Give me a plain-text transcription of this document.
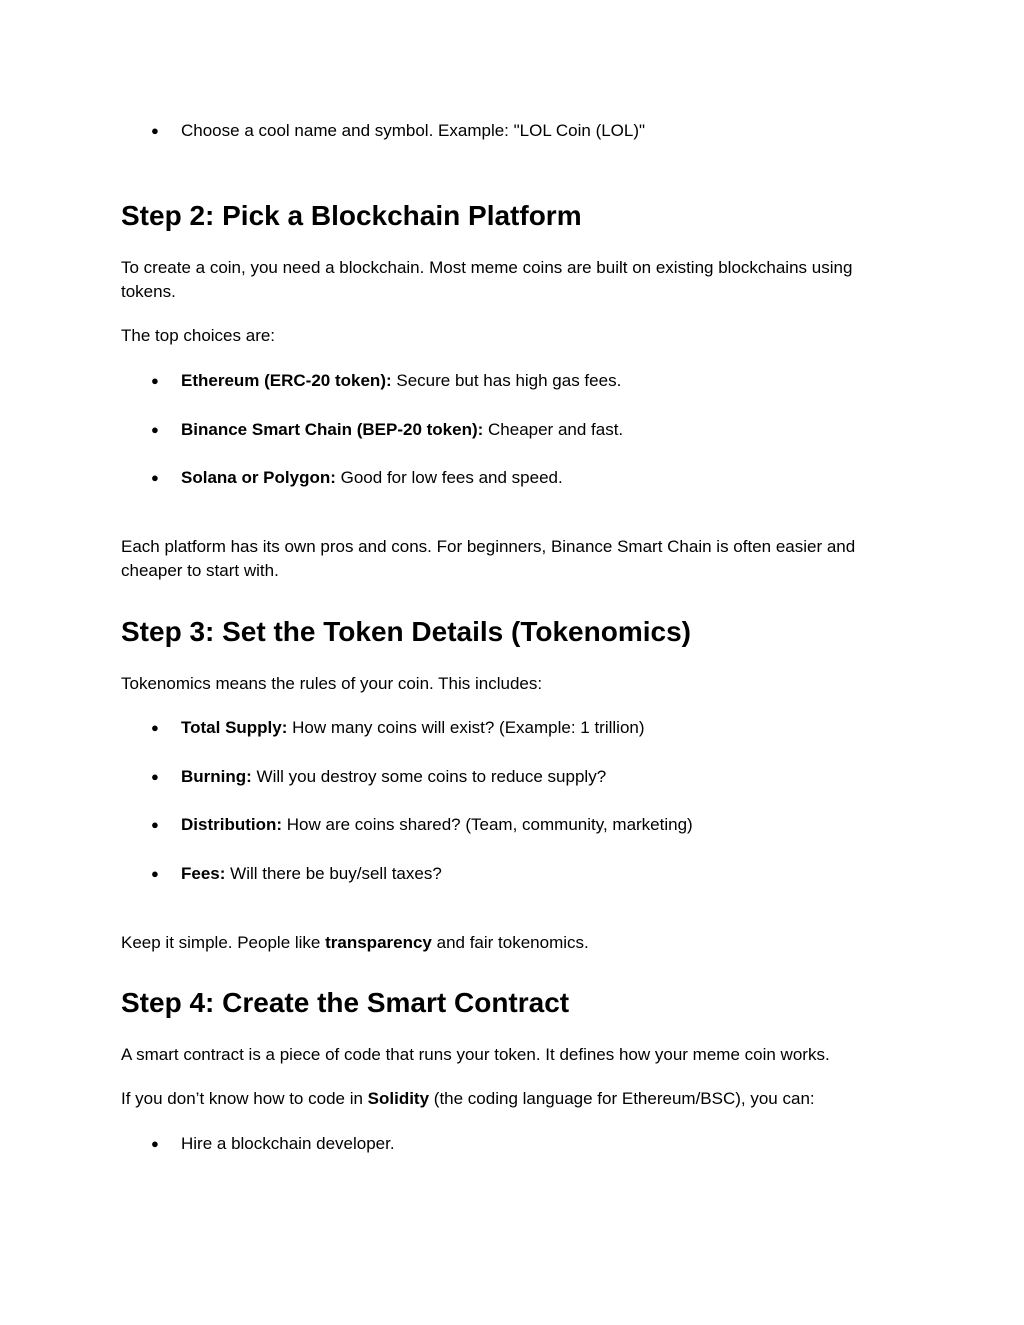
● Choose a cool name and symbol. Example: "LOL Coin (LOL)"
Step 2: Pick a Blockchain Platform
To create a coin, you need a blockchain. Most meme coins are built on existing blockchains using tokens.
The top choices are:
● Ethereum (ERC-20 token): Secure but has high gas fees.
● Binance Smart Chain (BEP-20 token): Cheaper and fast.
● Solana or Polygon: Good for low fees and speed.
Each platform has its own pros and cons. For beginners, Binance Smart Chain is often easier and cheaper to start with.
Step 3: Set the Token Details (Tokenomics)
Tokenomics means the rules of your coin. This includes:
● Total Supply: How many coins will exist? (Example: 1 trillion)
● Burning: Will you destroy some coins to reduce supply?
● Distribution: How are coins shared? (Team, community, marketing)
● Fees: Will there be buy/sell taxes?
Keep it simple. People like transparency and fair tokenomics.
Step 4: Create the Smart Contract
A smart contract is a piece of code that runs your token. It defines how your meme coin works.
If you don’t know how to code in Solidity (the coding language for Ethereum/BSC), you can:
● Hire a blockchain developer.
